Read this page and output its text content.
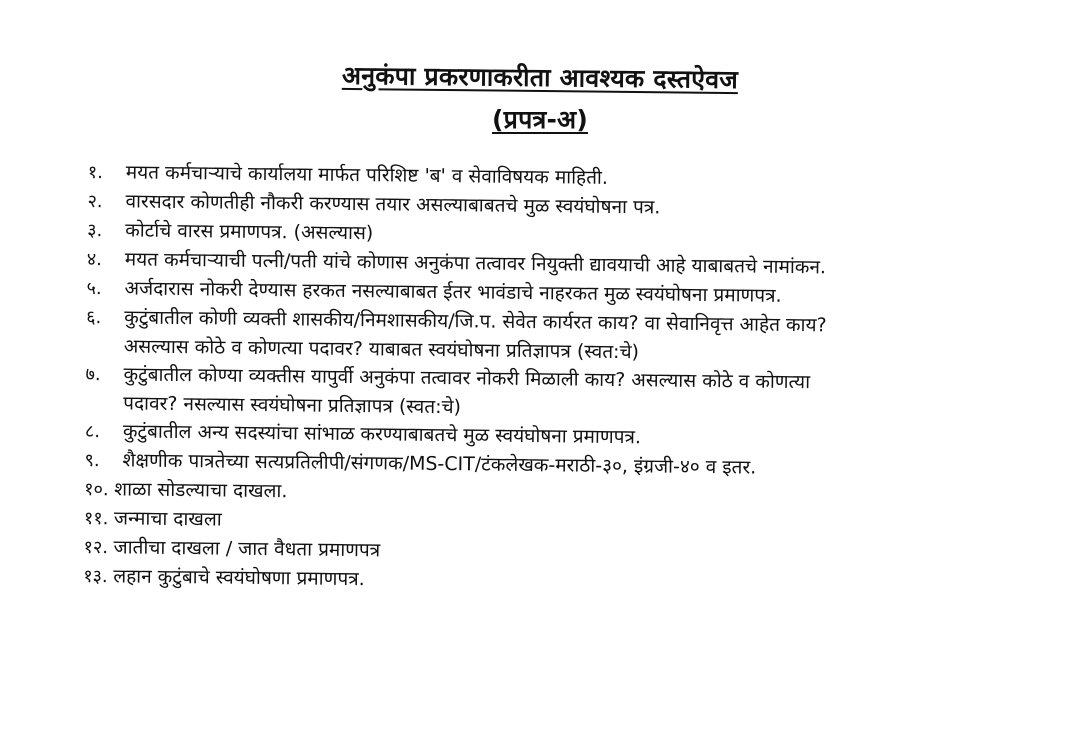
अनुकंपा प्रकरणाकरीता आवश्यक दस्तऐवज
(प्रपत्र-अ)
१. मयत कर्मचाऱ्याचे कार्यालया मार्फत परिशिष्ट 'ब' व सेवाविषयक माहिती.
२. वारसदार कोणतीही नौकरी करण्यास तयार असल्याबाबतचे मुळ स्वयंघोषना पत्र.
३. कोर्टाचे वारस प्रमाणपत्र. (असल्यास)
४. मयत कर्मचाऱ्याची पत्नी/पती यांचे कोणास अनुकंपा तत्वावर नियुक्ती द्यावयाची आहे याबाबतचे नामांकन.
५. अर्जदारास नोकरी देण्यास हरकत नसल्याबाबत ईतर भावंडाचे नाहरकत मुळ स्वयंघोषना प्रमाणपत्र.
६. कुटुंबातील कोणी व्यक्ती शासकीय/निमशासकीय/जि.प. सेवेत कार्यरत काय? वा सेवानिवृत्त आहेत काय?
असल्यास कोठे व कोणत्या पदावर? याबाबत स्वयंघोषना प्रतिज्ञापत्र (स्वत:चे)
७. कुटुंबातील कोण्या व्यक्तीस यापुर्वी अनुकंपा तत्वावर नोकरी मिळाली काय? असल्यास कोठे व कोणत्या
पदावर? नसल्यास स्वयंघोषना प्रतिज्ञापत्र (स्वत:चे)
८. कुटुंबातील अन्य सदस्यांचा सांभाळ करण्याबाबतचे मुळ स्वयंघोषना प्रमाणपत्र.
९. शैक्षणीक पात्रतेच्या सत्यप्रतिलीपी/संगणक/MS-CIT/टंकलेखक-मराठी-३०, इंग्रजी-४० व इतर.
१०. शाळा सोडल्याचा दाखला.
११. जन्माचा दाखला
१२. जातीचा दाखला / जात वैधता प्रमाणपत्र
१३. लहान कुटुंबाचे स्वयंघोषणा प्रमाणपत्र.
